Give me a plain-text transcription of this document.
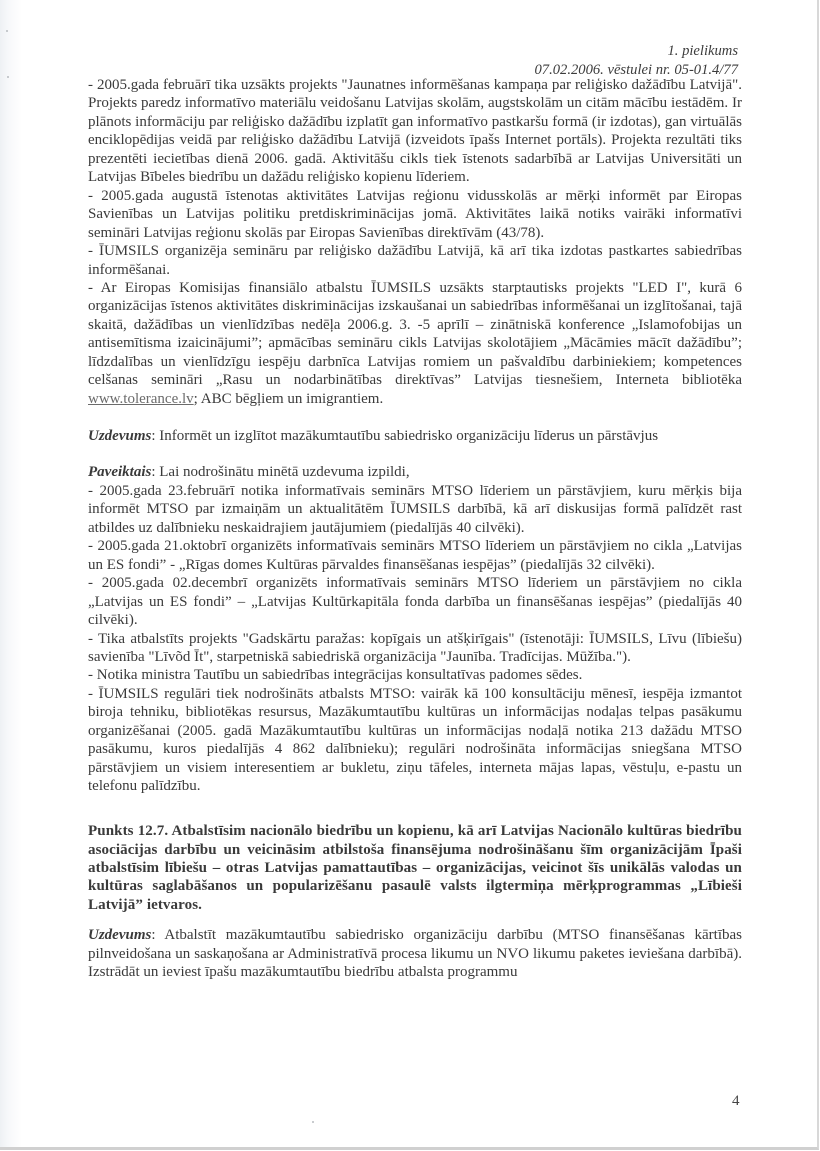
1. pielikums
07.02.2006. vēstulei nr. 05-01.4/77

- 2005.gada februārī tika uzsākts projekts "Jaunatnes informēšanas kampaņa par reliģisko dažādību Latvijā". Projekts paredz informatīvo materiālu veidošanu Latvijas skolām, augstskolām un citām mācību iestādēm. Ir plānots informāciju par reliģisko dažādību izplatīt gan informatīvo pastkaršu formā (ir izdotas), gan virtuālās enciklopēdijas veidā par reliģisko dažādību Latvijā (izveidots īpašs Internet portāls). Projekta rezultāti tiks prezentēti iecietības dienā 2006. gadā. Aktivitāšu cikls tiek īstenots sadarbībā ar Latvijas Universitāti un Latvijas Bībeles biedrību un dažādu reliģisko kopienu līderiem.

- 2005.gada augustā īstenotas aktivitātes Latvijas reģionu vidusskolās ar mērķi informēt par Eiropas Savienības un Latvijas politiku pretdiskriminācijas jomā. Aktivitātes laikā notiks vairāki informatīvi semināri Latvijas reģionu skolās par Eiropas Savienības direktīvām (43/78).

- ĪUMSILS organizēja semināru par reliģisko dažādību Latvijā, kā arī tika izdotas pastkartes sabiedrības informēšanai.

- Ar Eiropas Komisijas finansiālo atbalstu ĪUMSILS uzsākts starptautisks projekts "LED I", kurā 6 organizācijas īstenos aktivitātes diskriminācijas izskaušanai un sabiedrības informēšanai un izglītošanai, tajā skaitā, dažādības un vienlīdzības nedēļa 2006.g. 3. -5 aprīlī – zinātniskā konference „Islamofobijas un antisemītisma izaicinājumi”; apmācības semināru cikls Latvijas skolotājiem „Mācāmies mācīt dažādību”; līdzdalības un vienlīdzīgu iespēju darbnīca Latvijas romiem un pašvaldību darbiniekiem; kompetences celšanas semināri „Rasu un nodarbinātības direktīvas” Latvijas tiesnešiem, Interneta bibliotēka www.tolerance.lv; ABC bēgļiem un imigrantiem.

Uzdevums: Informēt un izglītot mazākumtautību sabiedrisko organizāciju līderus un pārstāvjus

Paveiktais: Lai nodrošinātu minētā uzdevuma izpildi,

- 2005.gada 23.februārī notika informatīvais seminārs MTSO līderiem un pārstāvjiem, kuru mērķis bija informēt MTSO par izmaiņām un aktualitātēm ĪUMSILS darbībā, kā arī diskusijas formā palīdzēt rast atbildes uz dalībnieku neskaidrajiem jautājumiem (piedalījās 40 cilvēki).

- 2005.gada 21.oktobrī organizēts informatīvais seminārs MTSO līderiem un pārstāvjiem no cikla „Latvijas un ES fondi” - „Rīgas domes Kultūras pārvaldes finansēšanas iespējas” (piedalījās 32 cilvēki).

- 2005.gada 02.decembrī organizēts informatīvais seminārs MTSO līderiem un pārstāvjiem no cikla „Latvijas un ES fondi” – „Latvijas Kultūrkapitāla fonda darbība un finansēšanas iespējas” (piedalījās 40 cilvēki).

- Tika atbalstīts projekts "Gadskārtu paražas: kopīgais un atšķirīgais" (īstenotāji: ĪUMSILS, Līvu (lībiešu) savienība "Līvõd Īt", starpetniskā sabiedriskā organizācija "Jaunība. Tradīcijas. Mūžība.").

- Notika ministra Tautību un sabiedrības integrācijas konsultatīvas padomes sēdes.

- ĪUMSILS regulāri tiek nodrošināts atbalsts MTSO: vairāk kā 100 konsultāciju mēnesī, iespēja izmantot biroja tehniku, bibliotēkas resursus, Mazākumtautību kultūras un informācijas nodaļas telpas pasākumu organizēšanai (2005. gadā Mazākumtautību kultūras un informācijas nodaļā notika 213 dažādu MTSO pasākumu, kuros piedalījās 4 862 dalībnieku); regulāri nodrošināta informācijas sniegšana MTSO pārstāvjiem un visiem interesentiem ar bukletu, ziņu tāfeles, interneta mājas lapas, vēstuļu, e-pastu un telefonu palīdzību.

Punkts 12.7. Atbalstīsim nacionālo biedrību un kopienu, kā arī Latvijas Nacionālo kultūras biedrību asociācijas darbību un veicināsim atbilstoša finansējuma nodrošināšanu šīm organizācijām Īpaši atbalstīsim lībiešu – otras Latvijas pamattautības – organizācijas, veicinot šīs unikālās valodas un kultūras saglabāšanos un popularizēšanu pasaulē valsts ilgtermiņa mērķprogrammas „Lībieši Latvijā” ietvaros.

Uzdevums: Atbalstīt mazākumtautību sabiedrisko organizāciju darbību (MTSO finansēšanas kārtības pilnveidošana un saskaņošana ar Administratīvā procesa likumu un NVO likumu paketes ieviešana darbībā). Izstrādāt un ieviest īpašu mazākumtautību biedrību atbalsta programmu

4
